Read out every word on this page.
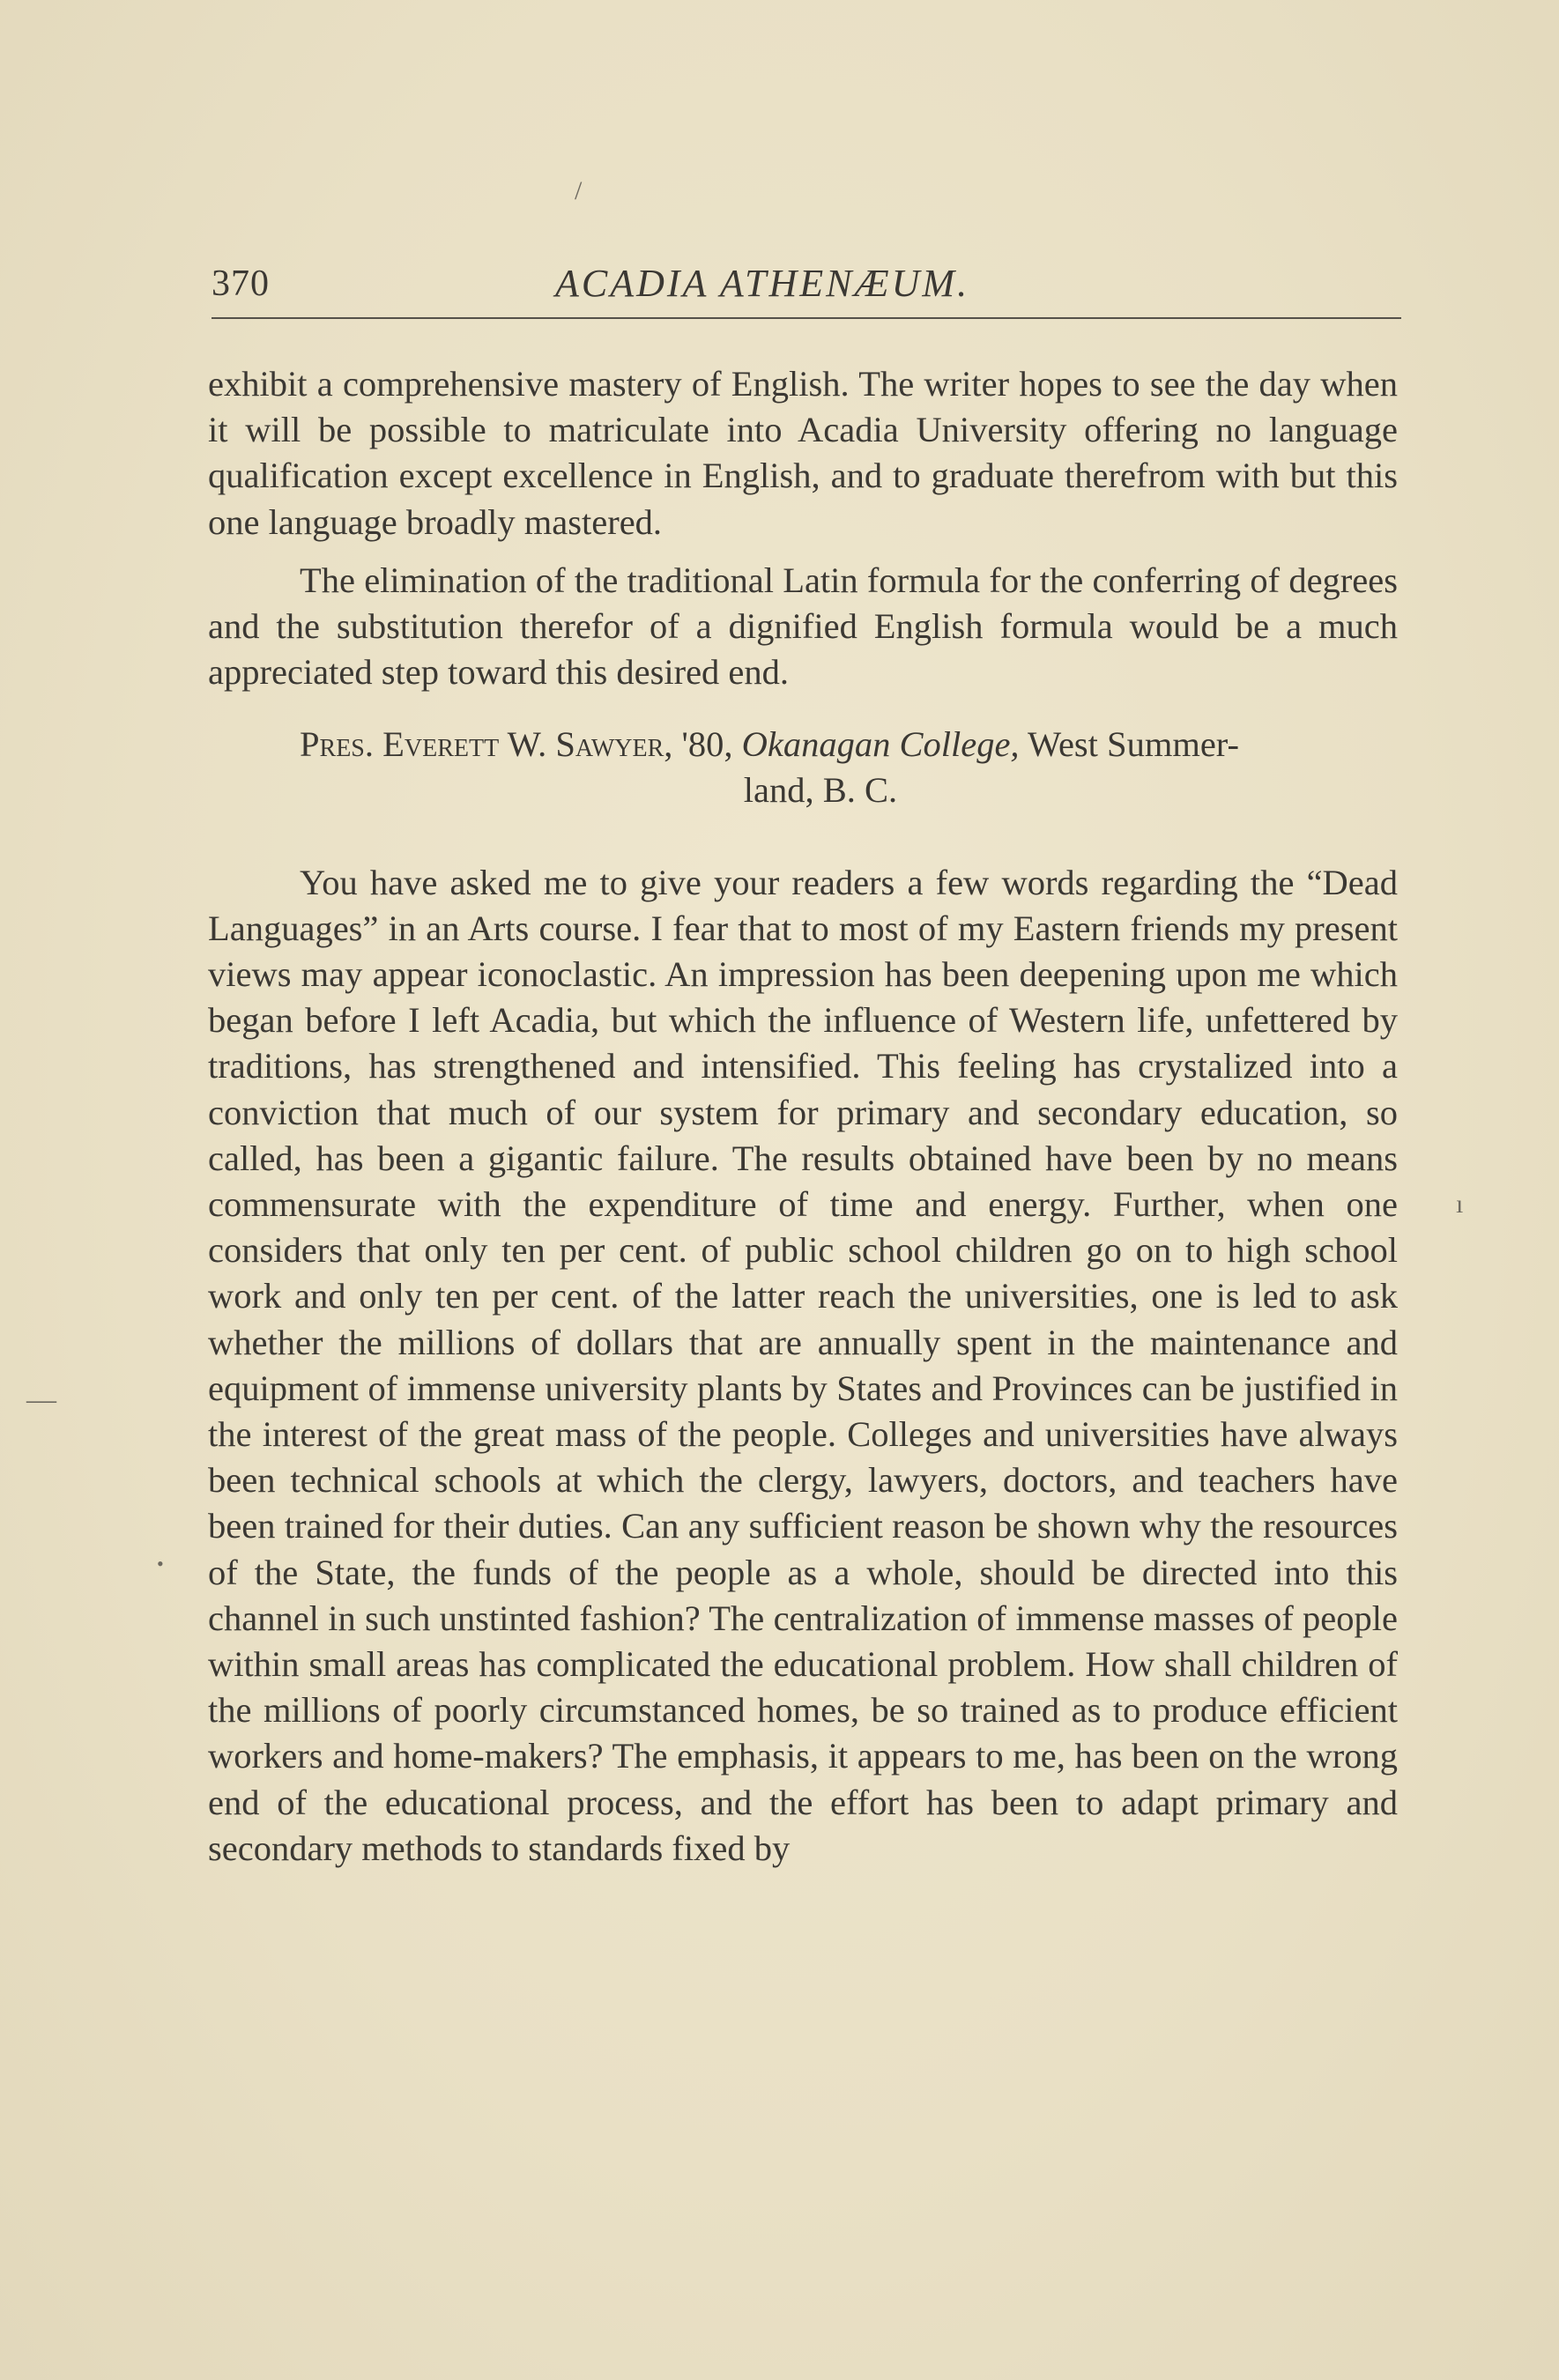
370	ACADIA ATHENÆUM.

exhibit a comprehensive mastery of English. The writer hopes to see the day when it will be possible to matriculate into Acadia University offering no language qualification except excellence in English, and to graduate therefrom with but this one language broadly mastered.

The elimination of the traditional Latin formula for the conferring of degrees and the substitution therefor of a dignified English formula would be a much appreciated step toward this desired end.

Pres. Everett W. Sawyer, '80, Okanagan College, West Summer-

land, B. C.

You have asked me to give your readers a few words regarding the “Dead Languages” in an Arts course. I fear that to most of my Eastern friends my present views may appear iconoclastic. An impression has been deepening upon me which began before I left Acadia, but which the influence of Western life, unfettered by traditions, has strengthened and intensified. This feeling has crystalized into a conviction that much of our system for primary and secondary education, so called, has been a gigantic failure. The results obtained have been by no means commensurate with the expenditure of time and energy. Further, when one considers that only ten per cent. of public school children go on to high school work and only ten per cent. of the latter reach the universities, one is led to ask whether the millions of dollars that are annually spent in the maintenance and equipment of immense university plants by States and Provinces can be justified in the interest of the great mass of the people. Colleges and universities have always been technical schools at which the clergy, lawyers, doctors, and teachers have been trained for their duties. Can any sufficient reason be shown why the resources of the State, the funds of the people as a whole, should be directed into this channel in such unstinted fashion? The centralization of immense masses of people within small areas has complicated the educational problem. How shall children of the millions of poorly circumstanced homes, be so trained as to produce efficient workers and home-makers? The emphasis, it appears to me, has been on the wrong end of the educational process, and the effort has been to adapt primary and secondary methods to standards fixed by

/
ı
—
•
